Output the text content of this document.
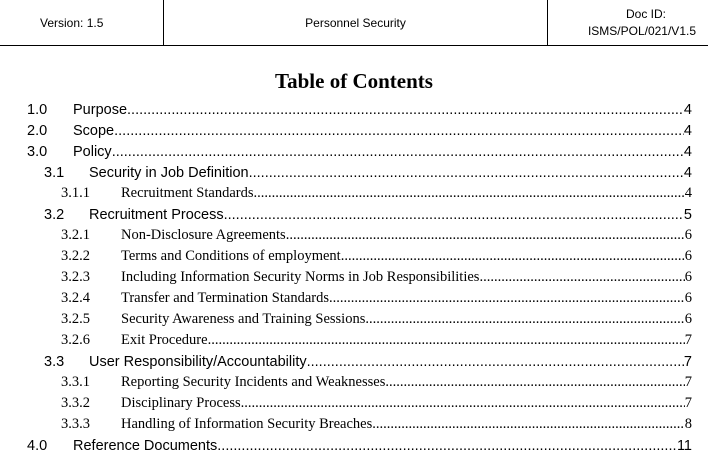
Version: 1.5	Personnel Security
Doc ID:
ISMS/POL/021/V1.5
Table of Contents
1.0 Purpose .....	4
2.0 Scope .....	4
3.0 Policy .....	4
3.1 Security in Job Definition .....	4
3.1.1 Recruitment Standards .....	4
3.2 Recruitment Process .....	5
3.2.1 Non-Disclosure Agreements .....	6
3.2.2 Terms and Conditions of employment .....	6
3.2.3 Including Information Security Norms in Job Responsibilities .....	6
3.2.4 Transfer and Termination Standards .....	6
3.2.5 Security Awareness and Training Sessions .....	6
3.2.6 Exit Procedure .....	7
3.3 User Responsibility/Accountability .....	7
3.3.1 Reporting Security Incidents and Weaknesses .....	7
3.3.2 Disciplinary Process .....	7
3.3.3 Handling of Information Security Breaches .....	8
4.0 Reference Documents .....	11
